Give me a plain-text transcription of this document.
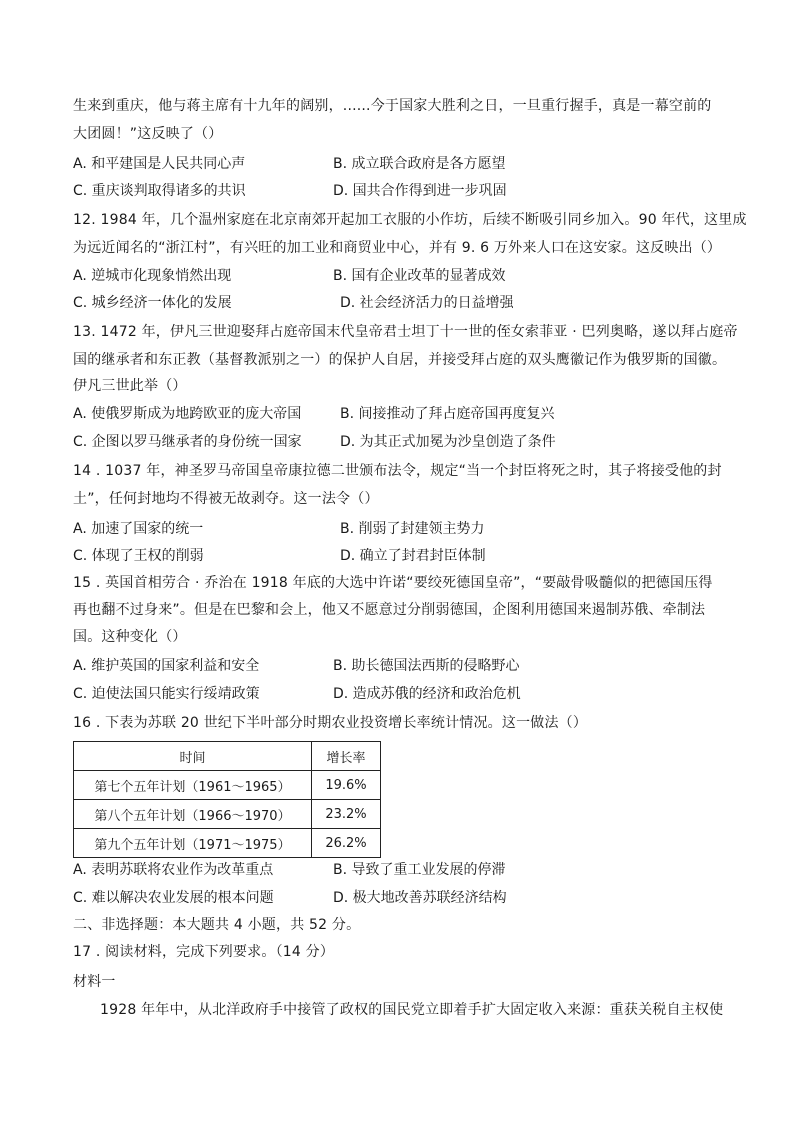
生来到重庆，他与蒋主席有十九年的阔别，......今于国家大胜利之日，一旦重行握手，真是一幕空前的
大团圆！”这反映了（）
A. 和平建国是人民共同心声	B. 成立联合政府是各方愿望
C. 重庆谈判取得诸多的共识	D. 国共合作得到进一步巩固
12. 1984 年，几个温州家庭在北京南郊开起加工衣服的小作坊，后续不断吸引同乡加入。90 年代，这里成
为远近闻名的“浙江村”，有兴旺的加工业和商贸业中心，并有 9. 6 万外来人口在这安家。这反映出（）
A. 逆城市化现象悄然出现	B. 国有企业改革的显著成效
C. 城乡经济一体化的发展	D. 社会经济活力的日益增强
13. 1472 年，伊凡三世迎娶拜占庭帝国末代皇帝君士坦丁十一世的侄女索菲亚 · 巴列奥略，遂以拜占庭帝
国的继承者和东正教（基督教派别之一）的保护人自居，并接受拜占庭的双头鹰徽记作为俄罗斯的国徽。
伊凡三世此举（）
A. 使俄罗斯成为地跨欧亚的庞大帝国	B. 间接推动了拜占庭帝国再度复兴
C. 企图以罗马继承者的身份统一国家	D. 为其正式加冕为沙皇创造了条件
14 . 1037 年，神圣罗马帝国皇帝康拉德二世颁布法令，规定“当一个封臣将死之时，其子将接受他的封
土”，任何封地均不得被无故剥夺。这一法令（）
A. 加速了国家的统一	B. 削弱了封建领主势力
C. 体现了王权的削弱	D. 确立了封君封臣体制
15 . 英国首相劳合 · 乔治在 1918 年底的大选中许诺“要绞死德国皇帝”，“要敲骨吸髓似的把德国压得
再也翻不过身来”。但是在巴黎和会上，他又不愿意过分削弱德国，企图利用德国来遏制苏俄、牵制法
国。这种变化（）
A. 维护英国的国家利益和安全	B. 助长德国法西斯的侵略野心
C. 迫使法国只能实行绥靖政策	D. 造成苏俄的经济和政治危机
16 . 下表为苏联 20 世纪下半叶部分时期农业投资增长率统计情况。这一做法（）
时间	增长率
第七个五年计划（1961～1965）	19.6%
第八个五年计划（1966～1970）	23.2%
第九个五年计划（1971～1975）	26.2%
A. 表明苏联将农业作为改革重点	B. 导致了重工业发展的停滞
C. 难以解决农业发展的根本问题	D. 极大地改善苏联经济结构
二、非选择题：本大题共 4 小题，共 52 分。
17 . 阅读材料，完成下列要求。（14 分）
材料一
1928 年年中，从北洋政府手中接管了政权的国民党立即着手扩大固定收入来源：重获关税自主权使
